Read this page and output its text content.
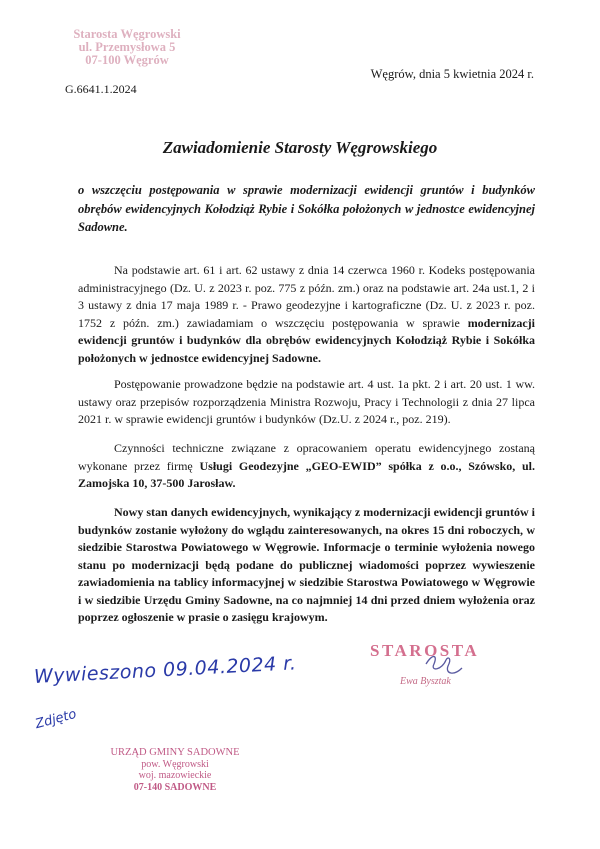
Starosta Węgrowski
ul. Przemysłowa 5
07-100 Węgrów
Węgrów, dnia 5 kwietnia 2024 r.
G.6641.1.2024
Zawiadomienie Starosty Węgrowskiego
o wszczęciu postępowania w sprawie modernizacji ewidencji gruntów i budynków obrębów ewidencyjnych Kołodziąż Rybie i Sokółka położonych w jednostce ewidencyjnej Sadowne.
Na podstawie art. 61 i art. 62 ustawy z dnia 14 czerwca 1960 r. Kodeks postępowania administracyjnego (Dz. U. z 2023 r. poz. 775 z późn. zm.) oraz na podstawie art. 24a ust.1, 2 i 3 ustawy z dnia 17 maja 1989 r. - Prawo geodezyjne i kartograficzne (Dz. U. z 2023 r. poz. 1752 z późn. zm.) zawiadamiam o wszczęciu postępowania w sprawie modernizacji ewidencji gruntów i budynków dla obrębów ewidencyjnych Kołodziąż Rybie i Sokółka położonych w jednostce ewidencyjnej Sadowne.
Postępowanie prowadzone będzie na podstawie art. 4 ust. 1a pkt. 2 i art. 20 ust. 1 ww. ustawy oraz przepisów rozporządzenia Ministra Rozwoju, Pracy i Technologii z dnia 27 lipca 2021 r. w sprawie ewidencji gruntów i budynków (Dz.U. z 2024 r., poz. 219).
Czynności techniczne związane z opracowaniem operatu ewidencyjnego zostaną wykonane przez firmę Usługi Geodezyjne „GEO-EWID” spółka z o.o., Szówsko, ul. Zamojska 10, 37-500 Jarosław.
Nowy stan danych ewidencyjnych, wynikający z modernizacji ewidencji gruntów i budynków zostanie wyłożony do wglądu zainteresowanych, na okres 15 dni roboczych, w siedzibie Starostwa Powiatowego w Węgrowie. Informacje o terminie wyłożenia nowego stanu po modernizacji będą podane do publicznej wiadomości poprzez wywieszenie zawiadomienia na tablicy informacyjnej w siedzibie Starostwa Powiatowego w Węgrowie i w siedzibie Urzędu Gminy Sadowne, na co najmniej 14 dni przed dniem wyłożenia oraz poprzez ogłoszenie w prasie o zasięgu krajowym.
STAROSTA
Ewa Bysztak
Wywieszono 09.04.2024 r.
Zdjęto
URZĄD GMINY SADOWNE
pow. Węgrowski
woj. mazowieckie
07-140 SADOWNE
